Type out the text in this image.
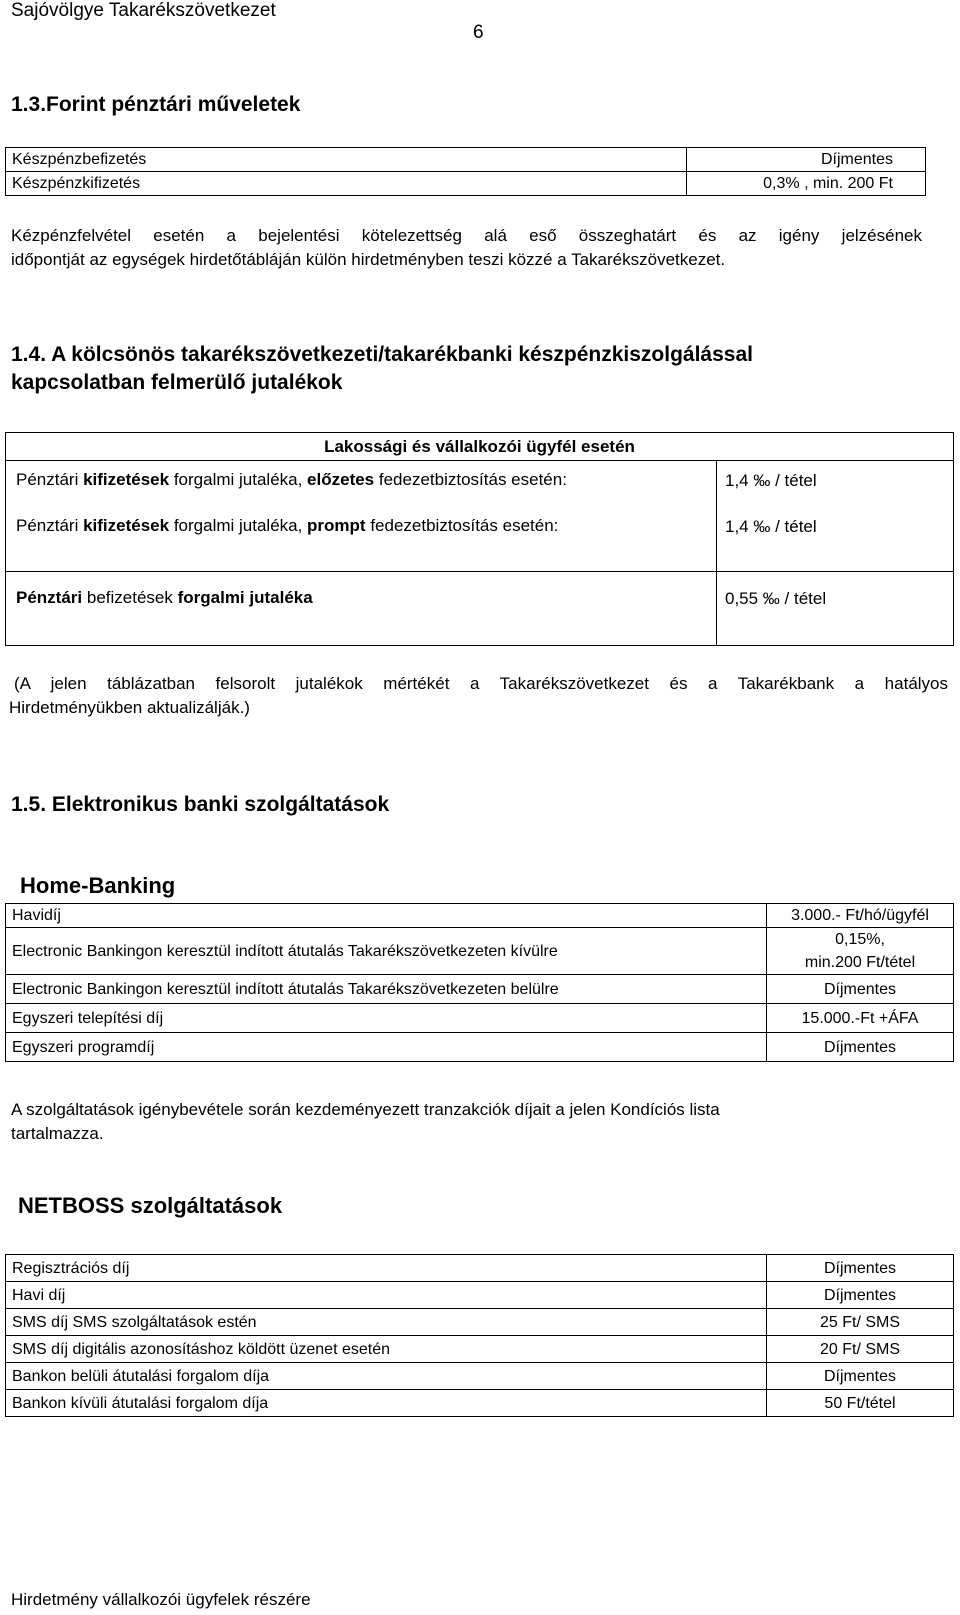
Sajóvölgye Takarékszövetkezet
6
1.3.Forint pénztári műveletek
Készpénzbefizetés	Díjmentes
Készpénzkifizetés	0,3% , min. 200 Ft
Kézpénzfelvétel esetén a bejelentési kötelezettség alá eső összeghatárt és az igény jelzésének
időpontját az egységek hirdetőtábláján külön hirdetményben teszi közzé a Takarékszövetkezet.
1.4. A kölcsönös takarékszövetkezeti/takarékbanki készpénzkiszolgálással
kapcsolatban felmerülő jutalékok
Lakossági és vállalkozói ügyfél esetén
Pénztári kifizetések forgalmi jutaléka, előzetes fedezetbiztosítás esetén:	1,4 ‰ / tétel
Pénztári kifizetések forgalmi jutaléka, prompt fedezetbiztosítás esetén:	1,4 ‰ / tétel
Pénztári befizetések forgalmi jutaléka	0,55 ‰ / tétel
(A jelen táblázatban felsorolt jutalékok mértékét a Takarékszövetkezet és a Takarékbank a hatályos
Hirdetményükben aktualizálják.)
1.5. Elektronikus banki szolgáltatások
Home-Banking
Havidíj	3.000.- Ft/hó/ügyfél
Electronic Bankingon keresztül indított átutalás Takarékszövetkezeten kívülre	0,15%,
min.200 Ft/tétel

Electronic Bankingon keresztül indított átutalás Takarékszövetkezeten belülre	Díjmentes
Egyszeri telepítési díj	15.000.-Ft +ÁFA
Egyszeri programdíj	Díjmentes
A szolgáltatások igénybevétele során kezdeményezett tranzakciók díjait a jelen Kondíciós lista
tartalmazza.
NETBOSS szolgáltatások
Regisztrációs díj	Díjmentes
Havi díj	Díjmentes
SMS díj SMS szolgáltatások estén	25 Ft/ SMS
SMS díj digitális azonosításhoz köldött üzenet esetén	20 Ft/ SMS
Bankon belüli átutalási forgalom díja	Díjmentes
Bankon kívüli átutalási forgalom díja	50 Ft/tétel
Hirdetmény vállalkozói ügyfelek részére
